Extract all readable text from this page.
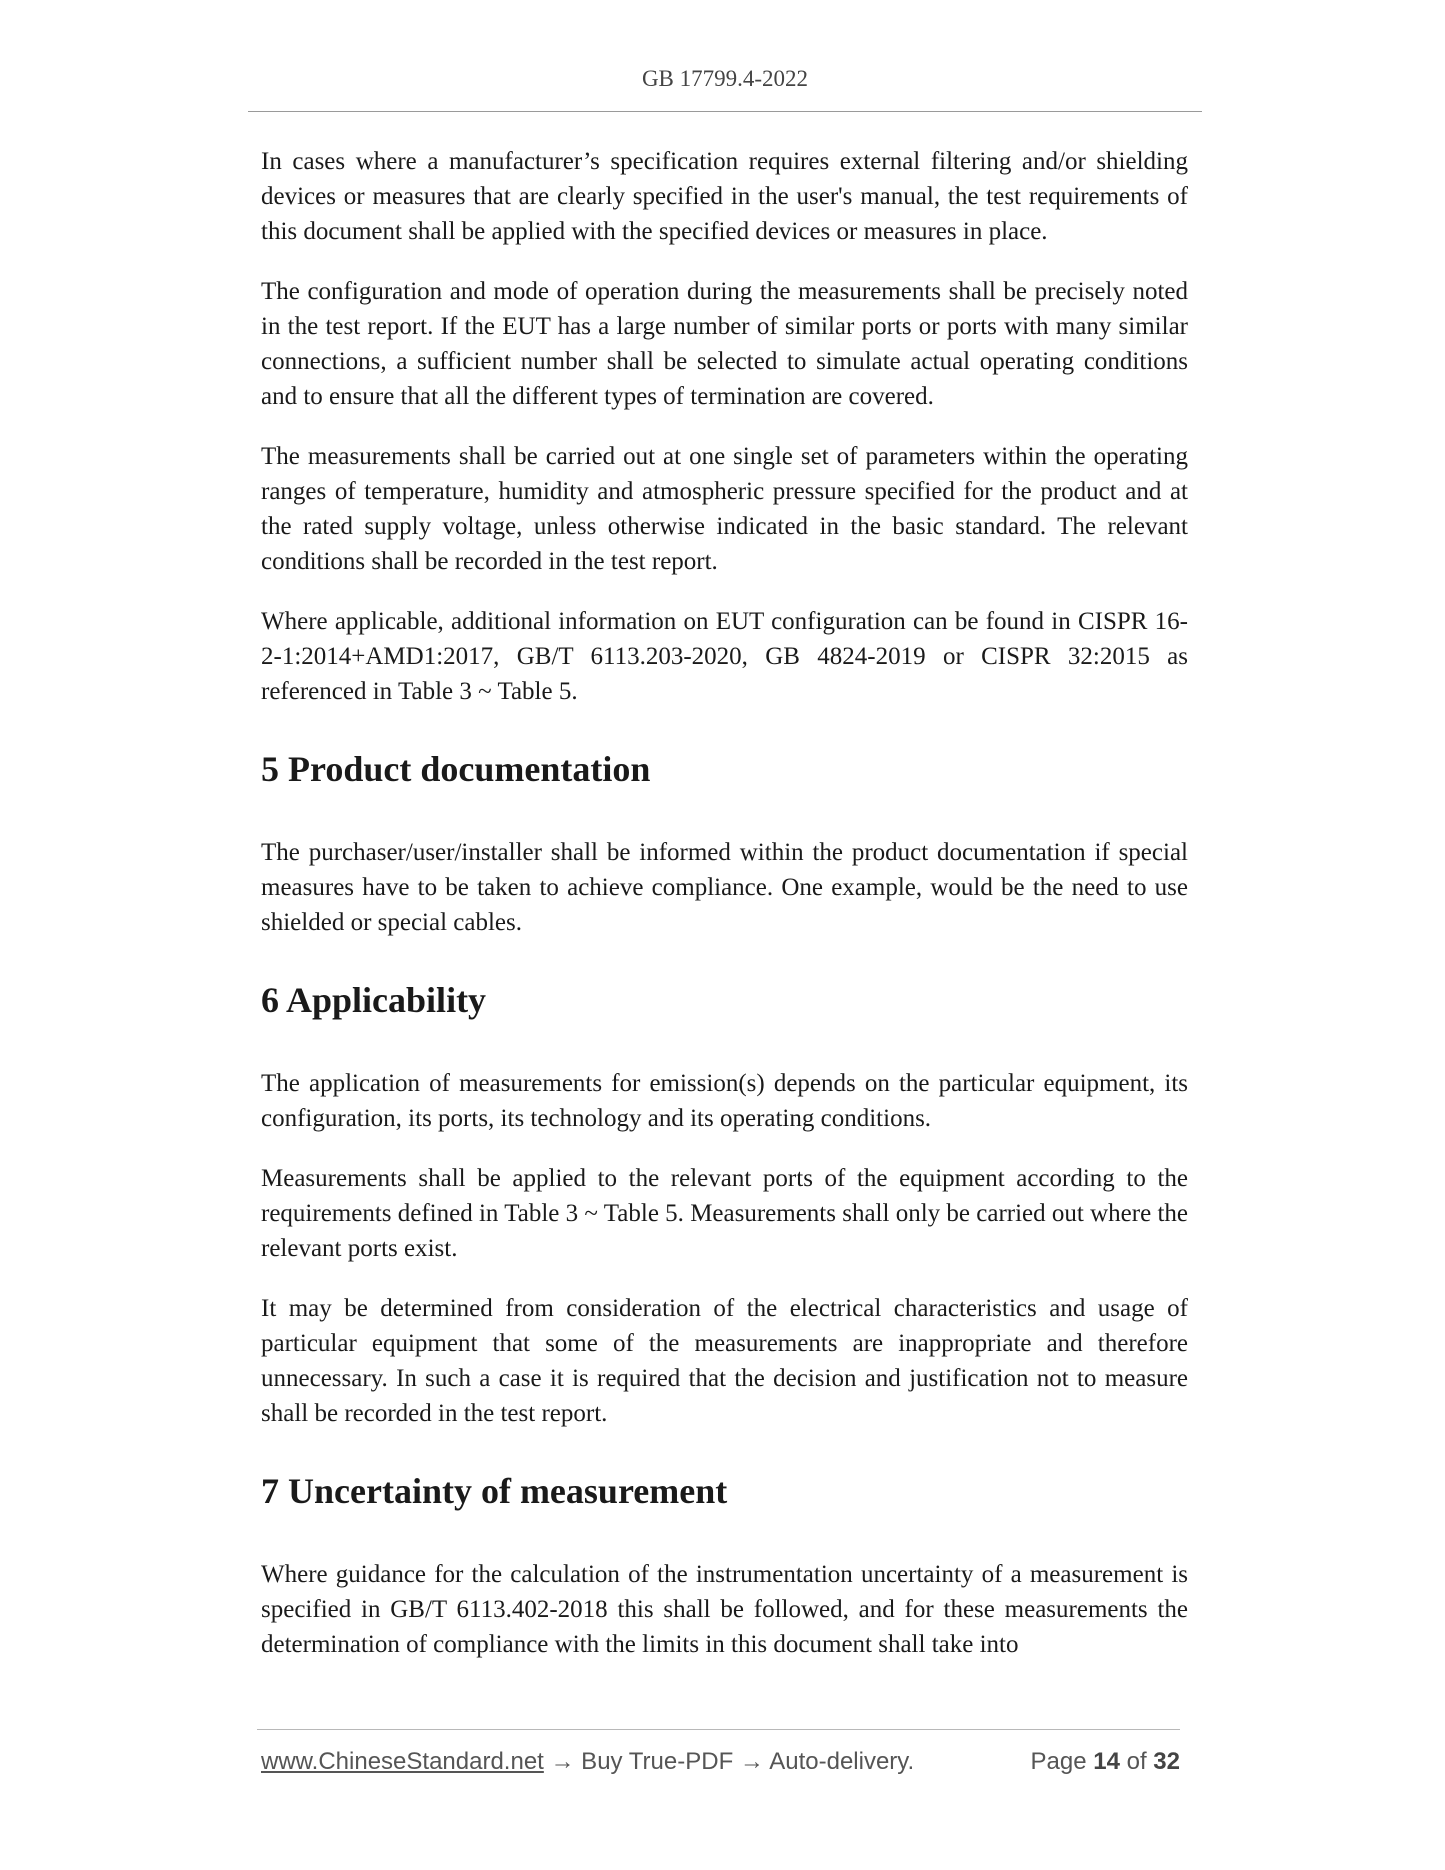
GB 17799.4-2022

In cases where a manufacturer’s specification requires external filtering and/or shielding devices or measures that are clearly specified in the user's manual, the test requirements of this document shall be applied with the specified devices or measures in place.

The configuration and mode of operation during the measurements shall be precisely noted in the test report. If the EUT has a large number of similar ports or ports with many similar connections, a sufficient number shall be selected to simulate actual operating conditions and to ensure that all the different types of termination are covered.

The measurements shall be carried out at one single set of parameters within the operating ranges of temperature, humidity and atmospheric pressure specified for the product and at the rated supply voltage, unless otherwise indicated in the basic standard. The relevant conditions shall be recorded in the test report.

Where applicable, additional information on EUT configuration can be found in CISPR 16-2-1:2014+AMD1:2017, GB/T 6113.203-2020, GB 4824-2019 or CISPR 32:2015 as referenced in Table 3 ~ Table 5.

5 Product documentation

The purchaser/user/installer shall be informed within the product documentation if special measures have to be taken to achieve compliance. One example, would be the need to use shielded or special cables.

6 Applicability

The application of measurements for emission(s) depends on the particular equipment, its configuration, its ports, its technology and its operating conditions.

Measurements shall be applied to the relevant ports of the equipment according to the requirements defined in Table 3 ~ Table 5. Measurements shall only be carried out where the relevant ports exist.

It may be determined from consideration of the electrical characteristics and usage of particular equipment that some of the measurements are inappropriate and therefore unnecessary. In such a case it is required that the decision and justification not to measure shall be recorded in the test report.

7 Uncertainty of measurement

Where guidance for the calculation of the instrumentation uncertainty of a measurement is specified in GB/T 6113.402-2018 this shall be followed, and for these measurements the determination of compliance with the limits in this document shall take into

www.ChineseStandard.net → Buy True-PDF → Auto-delivery.	Page 14 of 32
